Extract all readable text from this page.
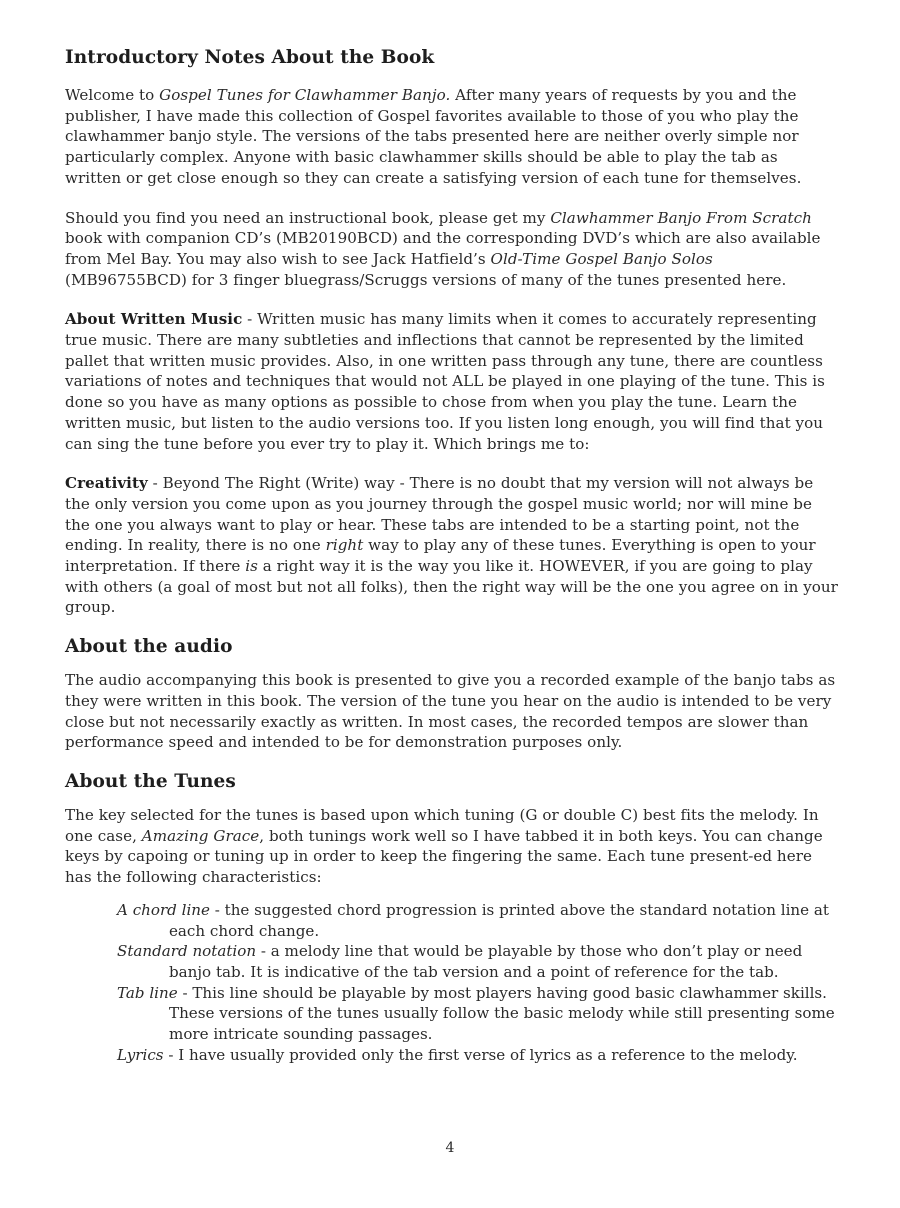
Introductory Notes About the Book

Welcome to Gospel Tunes for Clawhammer Banjo. After many years of requests by you and the publisher, I have made this collection of Gospel favorites available to those of you who play the clawhammer banjo style. The versions of the tabs presented here are neither overly simple nor particularly complex. Anyone with basic clawhammer skills should be able to play the tab as written or get close enough so they can create a satisfying version of each tune for themselves.

Should you find you need an instructional book, please get my Clawhammer Banjo From Scratch book with companion CD’s (MB20190BCD) and the corresponding DVD’s which are also available from Mel Bay. You may also wish to see Jack Hatfield’s Old-Time Gospel Banjo Solos (MB96755BCD) for 3 finger bluegrass/Scruggs versions of many of the tunes presented here.

About Written Music - Written music has many limits when it comes to accurately representing true music. There are many subtleties and inflections that cannot be represented by the limited pallet that written music provides. Also, in one written pass through any tune, there are countless variations of notes and techniques that would not ALL be played in one playing of the tune. This is done so you have as many options as possible to chose from when you play the tune. Learn the written music, but listen to the audio versions too. If you listen long enough, you will find that you can sing the tune before you ever try to play it. Which brings me to:

Creativity - Beyond The Right (Write) way - There is no doubt that my version will not always be the only version you come upon as you journey through the gospel music world; nor will mine be the one you always want to play or hear. These tabs are intended to be a starting point, not the ending. In reality, there is no one right way to play any of these tunes. Everything is open to your interpretation. If there is a right way it is the way you like it. HOWEVER, if you are going to play with others (a goal of most but not all folks), then the right way will be the one you agree on in your group.

About the audio

The audio accompanying this book is presented to give you a recorded example of the banjo tabs as they were written in this book. The version of the tune you hear on the audio is intended to be very close but not necessarily exactly as written. In most cases, the recorded tempos are slower than performance speed and intended to be for demonstration purposes only.

About the Tunes

The key selected for the tunes is based upon which tuning (G or double C) best fits the melody. In one case, Amazing Grace, both tunings work well so I have tabbed it in both keys. You can change keys by capoing or tuning up in order to keep the fingering the same. Each tune present-ed here has the following characteristics:

A chord line - the suggested chord progression is printed above the standard notation line at each chord change.
Standard notation - a melody line that would be playable by those who don’t play or need banjo tab. It is indicative of the tab version and a point of reference for the tab.
Tab line - This line should be playable by most players having good basic clawhammer skills. These versions of the tunes usually follow the basic melody while still presenting some more intricate sounding passages.
Lyrics - I have usually provided only the first verse of lyrics as a reference to the melody.
4
